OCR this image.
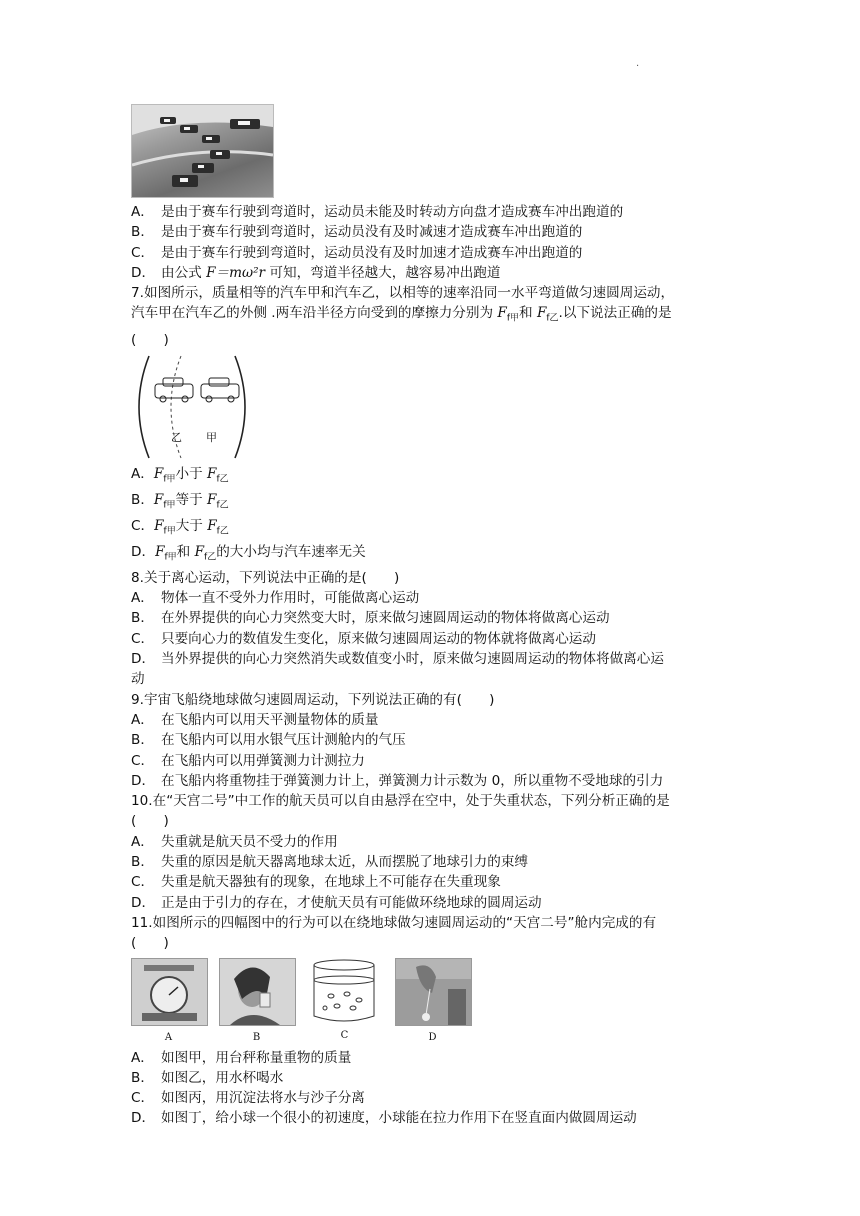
.
A． 是由于赛车行驶到弯道时，运动员未能及时转动方向盘才造成赛车冲出跑道的
B． 是由于赛车行驶到弯道时，运动员没有及时减速才造成赛车冲出跑道的
C． 是由于赛车行驶到弯道时，运动员没有及时加速才造成赛车冲出跑道的
D． 由公式 F＝mω²r 可知，弯道半径越大，越容易冲出跑道
7.如图所示，质量相等的汽车甲和汽车乙，以相等的速率沿同一水平弯道做匀速圆周运动，
汽车甲在汽车乙的外侧 .两车沿半径方向受到的摩擦力分别为 $F_{f甲}$和 $F_{f乙}$.以下说法正确的是
(　　)
乙 甲
A．$F_{f甲}$小于 $F_{f乙}$
B．$F_{f甲}$等于 $F_{f乙}$
C．$F_{f甲}$大于 $F_{f乙}$
D．$F_{f甲}$和 $F_{f乙}$的大小均与汽车速率无关
8.关于离心运动，下列说法中正确的是(　　)
A． 物体一直不受外力作用时，可能做离心运动
B． 在外界提供的向心力突然变大时，原来做匀速圆周运动的物体将做离心运动
C． 只要向心力的数值发生变化，原来做匀速圆周运动的物体就将做离心运动
D． 当外界提供的向心力突然消失或数值变小时，原来做匀速圆周运动的物体将做离心运
动
9.宇宙飞船绕地球做匀速圆周运动，下列说法正确的有(　　)
A． 在飞船内可以用天平测量物体的质量
B． 在飞船内可以用水银气压计测舱内的气压
C． 在飞船内可以用弹簧测力计测拉力
D． 在飞船内将重物挂于弹簧测力计上，弹簧测力计示数为 0，所以重物不受地球的引力
10.在“天宫二号”中工作的航天员可以自由悬浮在空中，处于失重状态，下列分析正确的是
(　　)
A． 失重就是航天员不受力的作用
B． 失重的原因是航天器离地球太近，从而摆脱了地球引力的束缚
C． 失重是航天器独有的现象，在地球上不可能存在失重现象
D． 正是由于引力的存在，才使航天员有可能做环绕地球的圆周运动
11.如图所示的四幅图中的行为可以在绕地球做匀速圆周运动的“天宫二号”舱内完成的有
(　　)
A	B	C	D
A． 如图甲，用台秤称量重物的质量
B． 如图乙，用水杯喝水
C． 如图丙，用沉淀法将水与沙子分离
D． 如图丁，给小球一个很小的初速度，小球能在拉力作用下在竖直面内做圆周运动
